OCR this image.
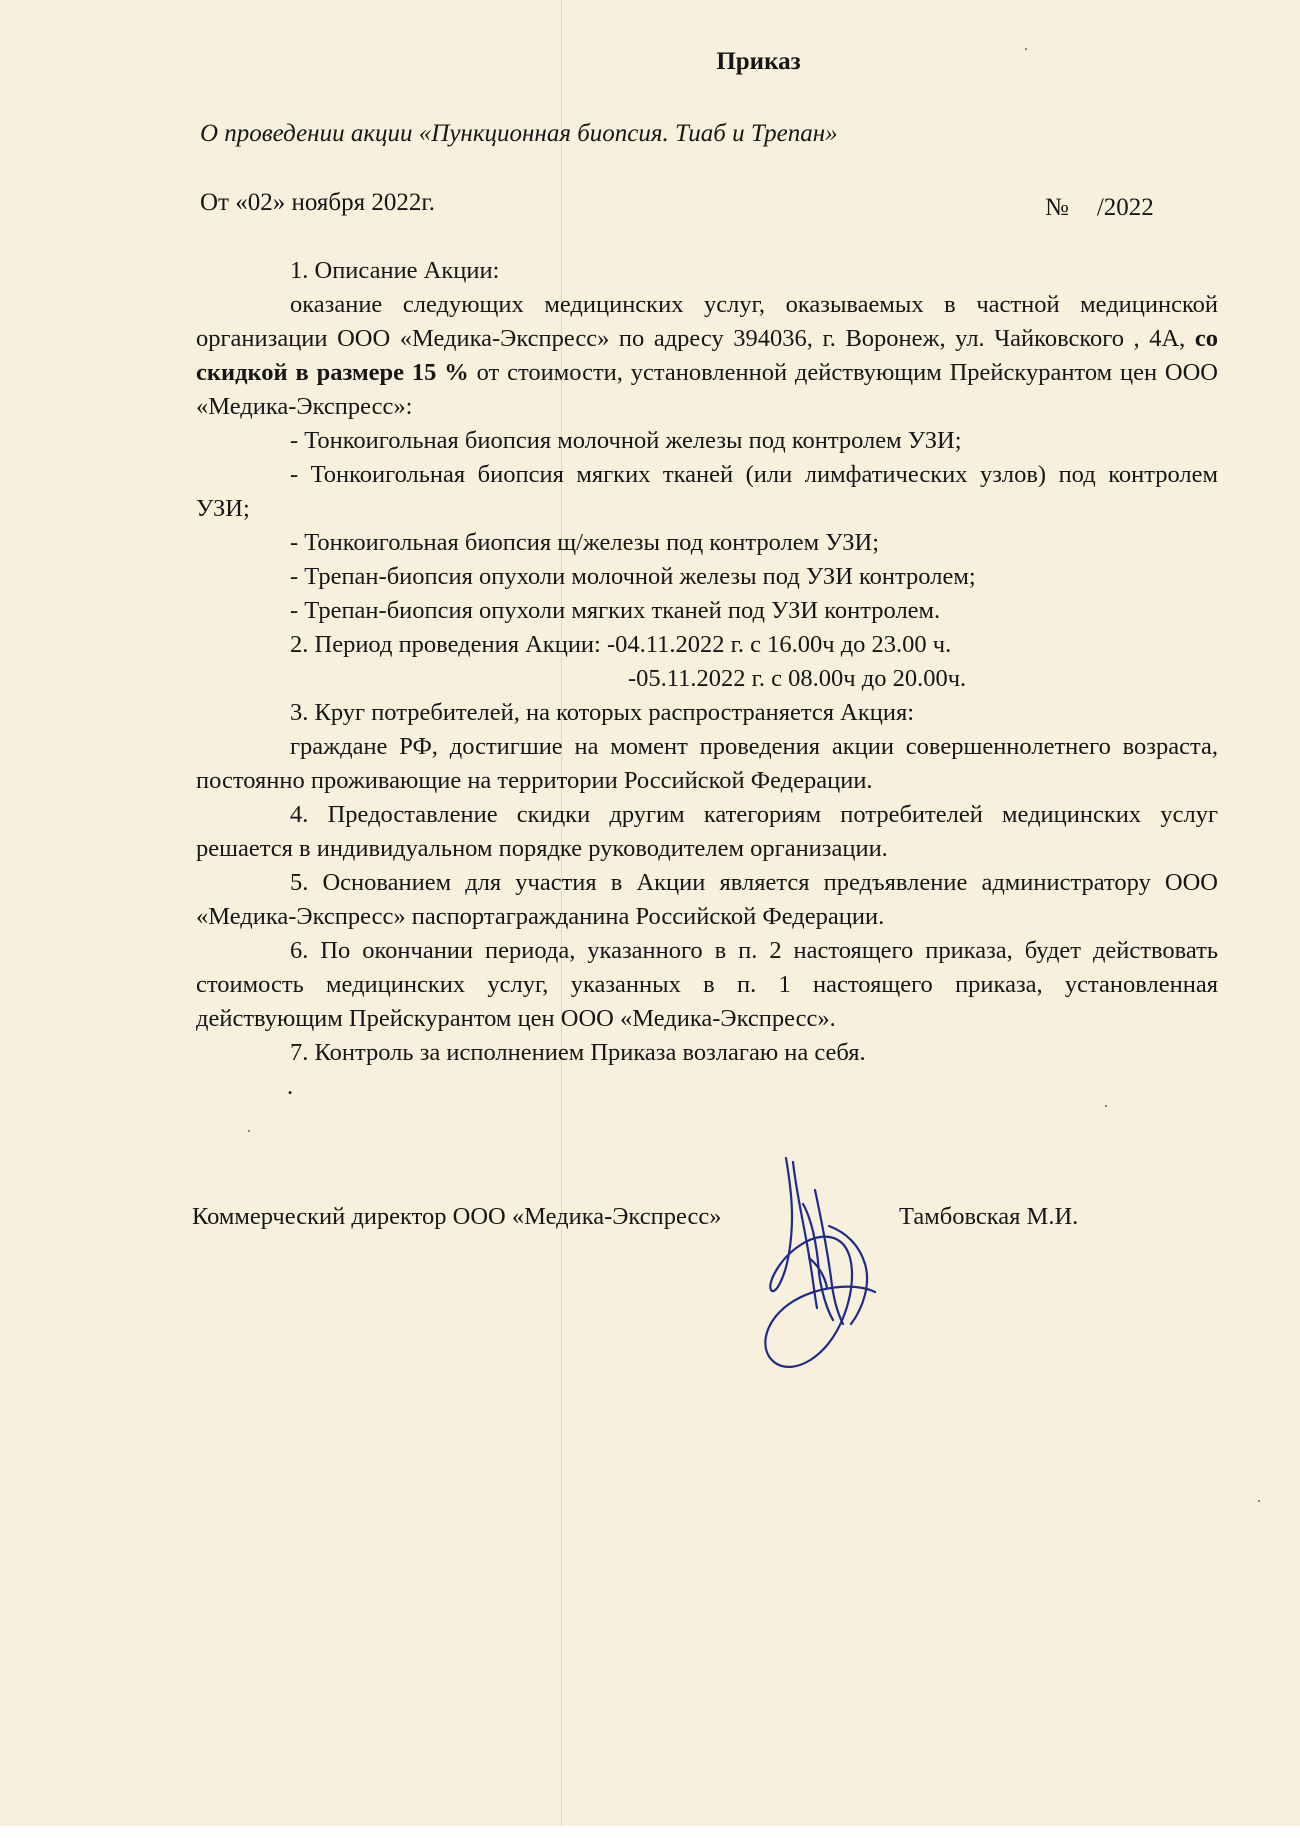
Приказ
О проведении акции «Пункционная биопсия. Тиаб и Трепан»
От «02» ноября 2022г.	№ /2022
1. Описание Акции:
оказание следующих медицинских услуг, оказываемых в частной медицинской организации ООО «Медика-Экспресс» по адресу 394036, г. Воронеж, ул. Чайковского , 4А, со скидкой в размере 15 % от стоимости, установленной действующим Прейскурантом цен ООО «Медика-Экспресс»:
- Тонкоигольная биопсия молочной железы под контролем УЗИ;
- Тонкоигольная биопсия мягких тканей (или лимфатических узлов) под контролем УЗИ;
- Тонкоигольная биопсия щ/железы под контролем УЗИ;
- Трепан-биопсия опухоли молочной железы под УЗИ контролем;
- Трепан-биопсия опухоли мягких тканей под УЗИ контролем.
2. Период проведения Акции: -04.11.2022 г. с 16.00ч до 23.00 ч.
-05.11.2022 г. с 08.00ч до 20.00ч.
3. Круг потребителей, на которых распространяется Акция:
граждане РФ, достигшие на момент проведения акции совершеннолетнего возраста, постоянно проживающие на территории Российской Федерации.
4. Предоставление скидки другим категориям потребителей медицинских услуг решается в индивидуальном порядке руководителем организации.
5. Основанием для участия в Акции является предъявление администратору ООО «Медика-Экспресс» паспортагражданина Российской Федерации.
6. По окончании периода, указанного в п. 2 настоящего приказа, будет действовать стоимость медицинских услуг, указанных в п. 1 настоящего приказа, установленная действующим Прейскурантом цен ООО «Медика-Экспресс».
7. Контроль за исполнением Приказа возлагаю на себя.
.
Коммерческий директор ООО «Медика-Экспресс»	Тамбовская М.И.
